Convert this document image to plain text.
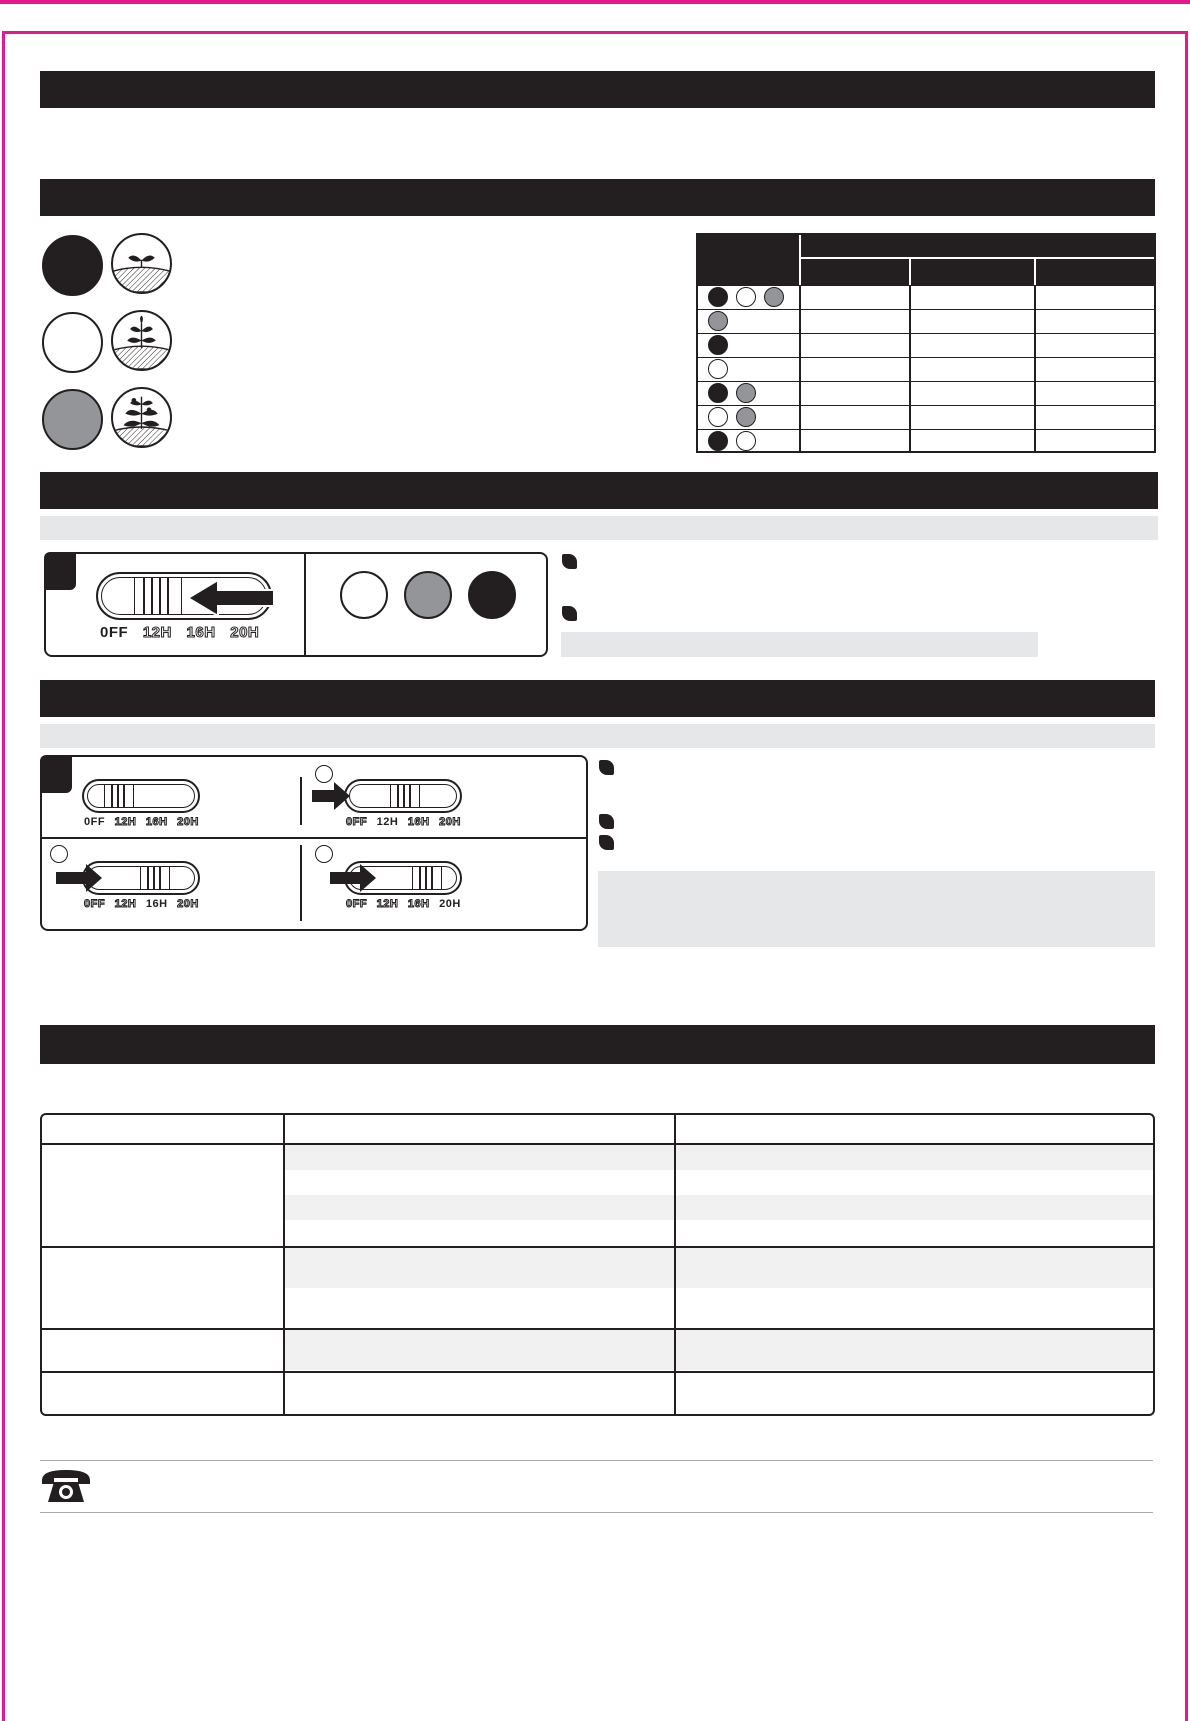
0FF 12H 16H 20H
0FF 12H 16H 20H	0FF 12H 16H 20H
0FF 12H 16H 20H	0FF 12H 16H 20H
